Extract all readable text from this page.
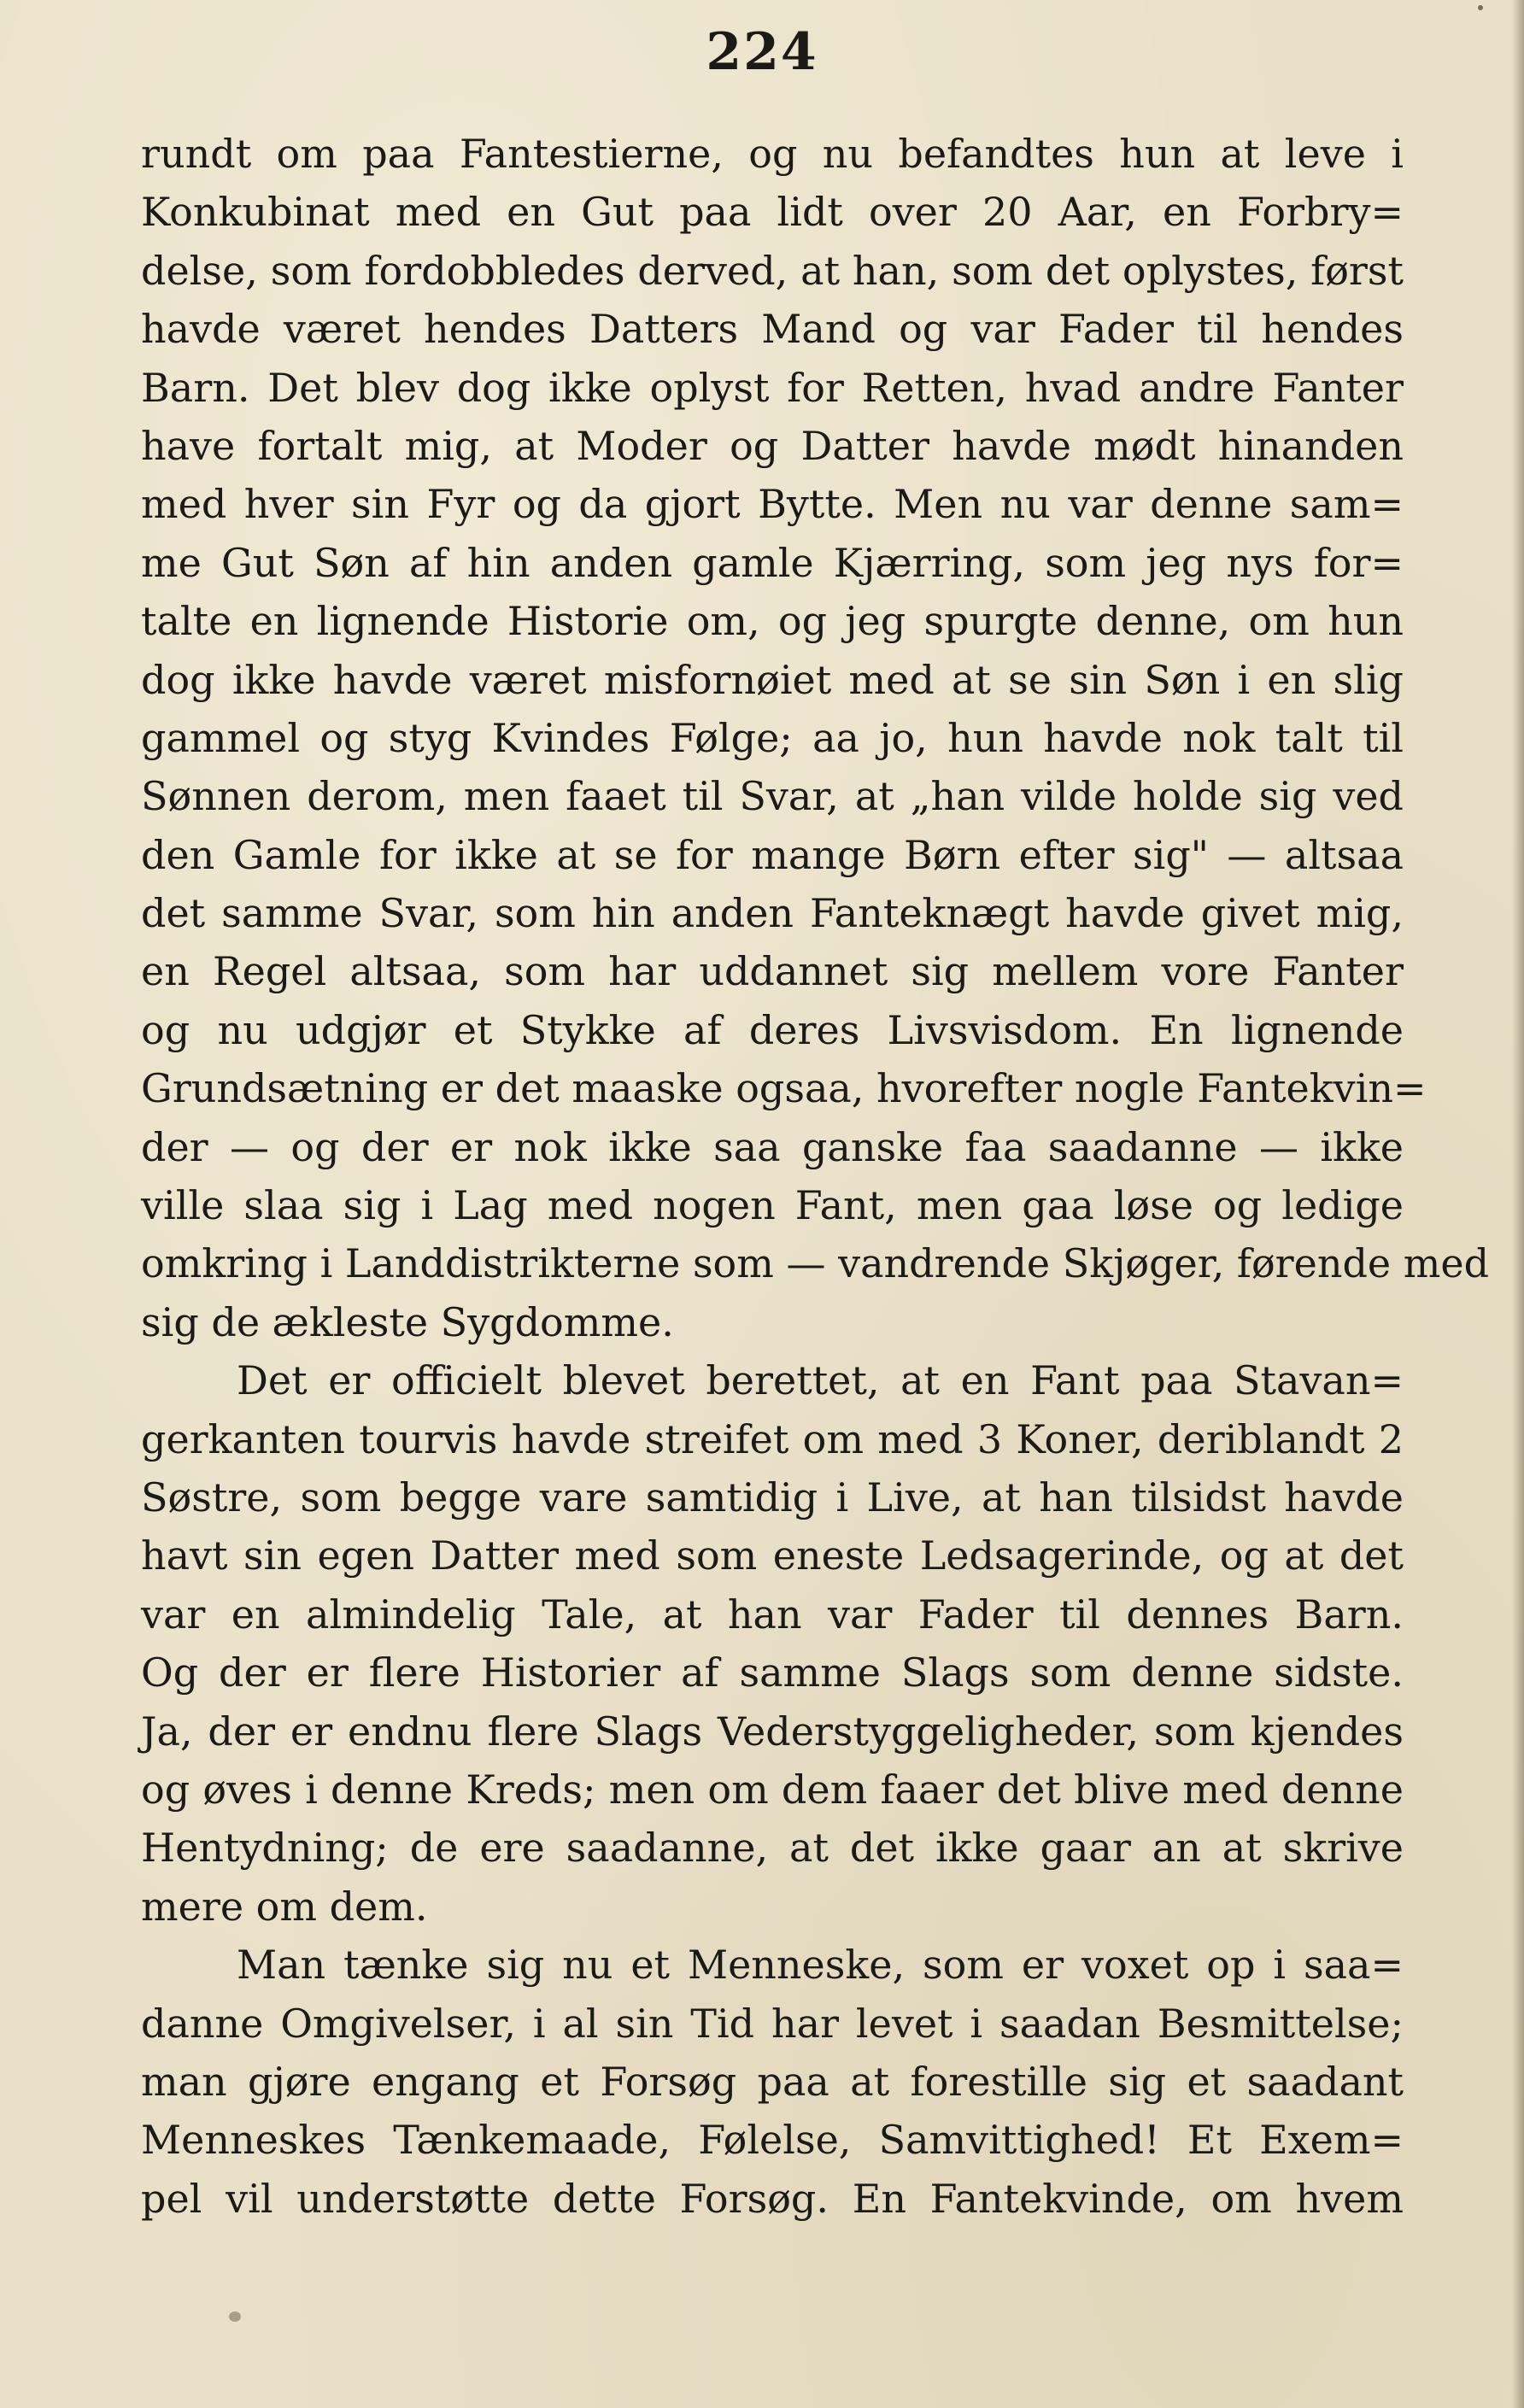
224
rundt om paa Fantestierne, og nu befandtes hun at leve i
Konkubinat med en Gut paa lidt over 20 Aar, en Forbry=
delse, som fordobbledes derved, at han, som det oplystes, først
havde været hendes Datters Mand og var Fader til hendes
Barn. Det blev dog ikke oplyst for Retten, hvad andre Fanter
have fortalt mig, at Moder og Datter havde mødt hinanden
med hver sin Fyr og da gjort Bytte. Men nu var denne sam=
me Gut Søn af hin anden gamle Kjærring, som jeg nys for=
talte en lignende Historie om, og jeg spurgte denne, om hun
dog ikke havde været misfornøiet med at se sin Søn i en slig
gammel og styg Kvindes Følge; aa jo, hun havde nok talt til
Sønnen derom, men faaet til Svar, at „han vilde holde sig ved
den Gamle for ikke at se for mange Børn efter sig" — altsaa
det samme Svar, som hin anden Fanteknægt havde givet mig,
en Regel altsaa, som har uddannet sig mellem vore Fanter
og nu udgjør et Stykke af deres Livsvisdom. En lignende
Grundsætning er det maaske ogsaa, hvorefter nogle Fantekvin=
der — og der er nok ikke saa ganske faa saadanne — ikke
ville slaa sig i Lag med nogen Fant, men gaa løse og ledige
omkring i Landdistrikterne som — vandrende Skjøger, førende med
sig de ækleste Sygdomme.
Det er officielt blevet berettet, at en Fant paa Stavan=
gerkanten tourvis havde streifet om med 3 Koner, deriblandt 2
Søstre, som begge vare samtidig i Live, at han tilsidst havde
havt sin egen Datter med som eneste Ledsagerinde, og at det
var en almindelig Tale, at han var Fader til dennes Barn.
Og der er flere Historier af samme Slags som denne sidste.
Ja, der er endnu flere Slags Vederstyggeligheder, som kjendes
og øves i denne Kreds; men om dem faaer det blive med denne
Hentydning; de ere saadanne, at det ikke gaar an at skrive
mere om dem.
Man tænke sig nu et Menneske, som er voxet op i saa=
danne Omgivelser, i al sin Tid har levet i saadan Besmittelse;
man gjøre engang et Forsøg paa at forestille sig et saadant
Menneskes Tænkemaade, Følelse, Samvittighed! Et Exem=
pel vil understøtte dette Forsøg. En Fantekvinde, om hvem
